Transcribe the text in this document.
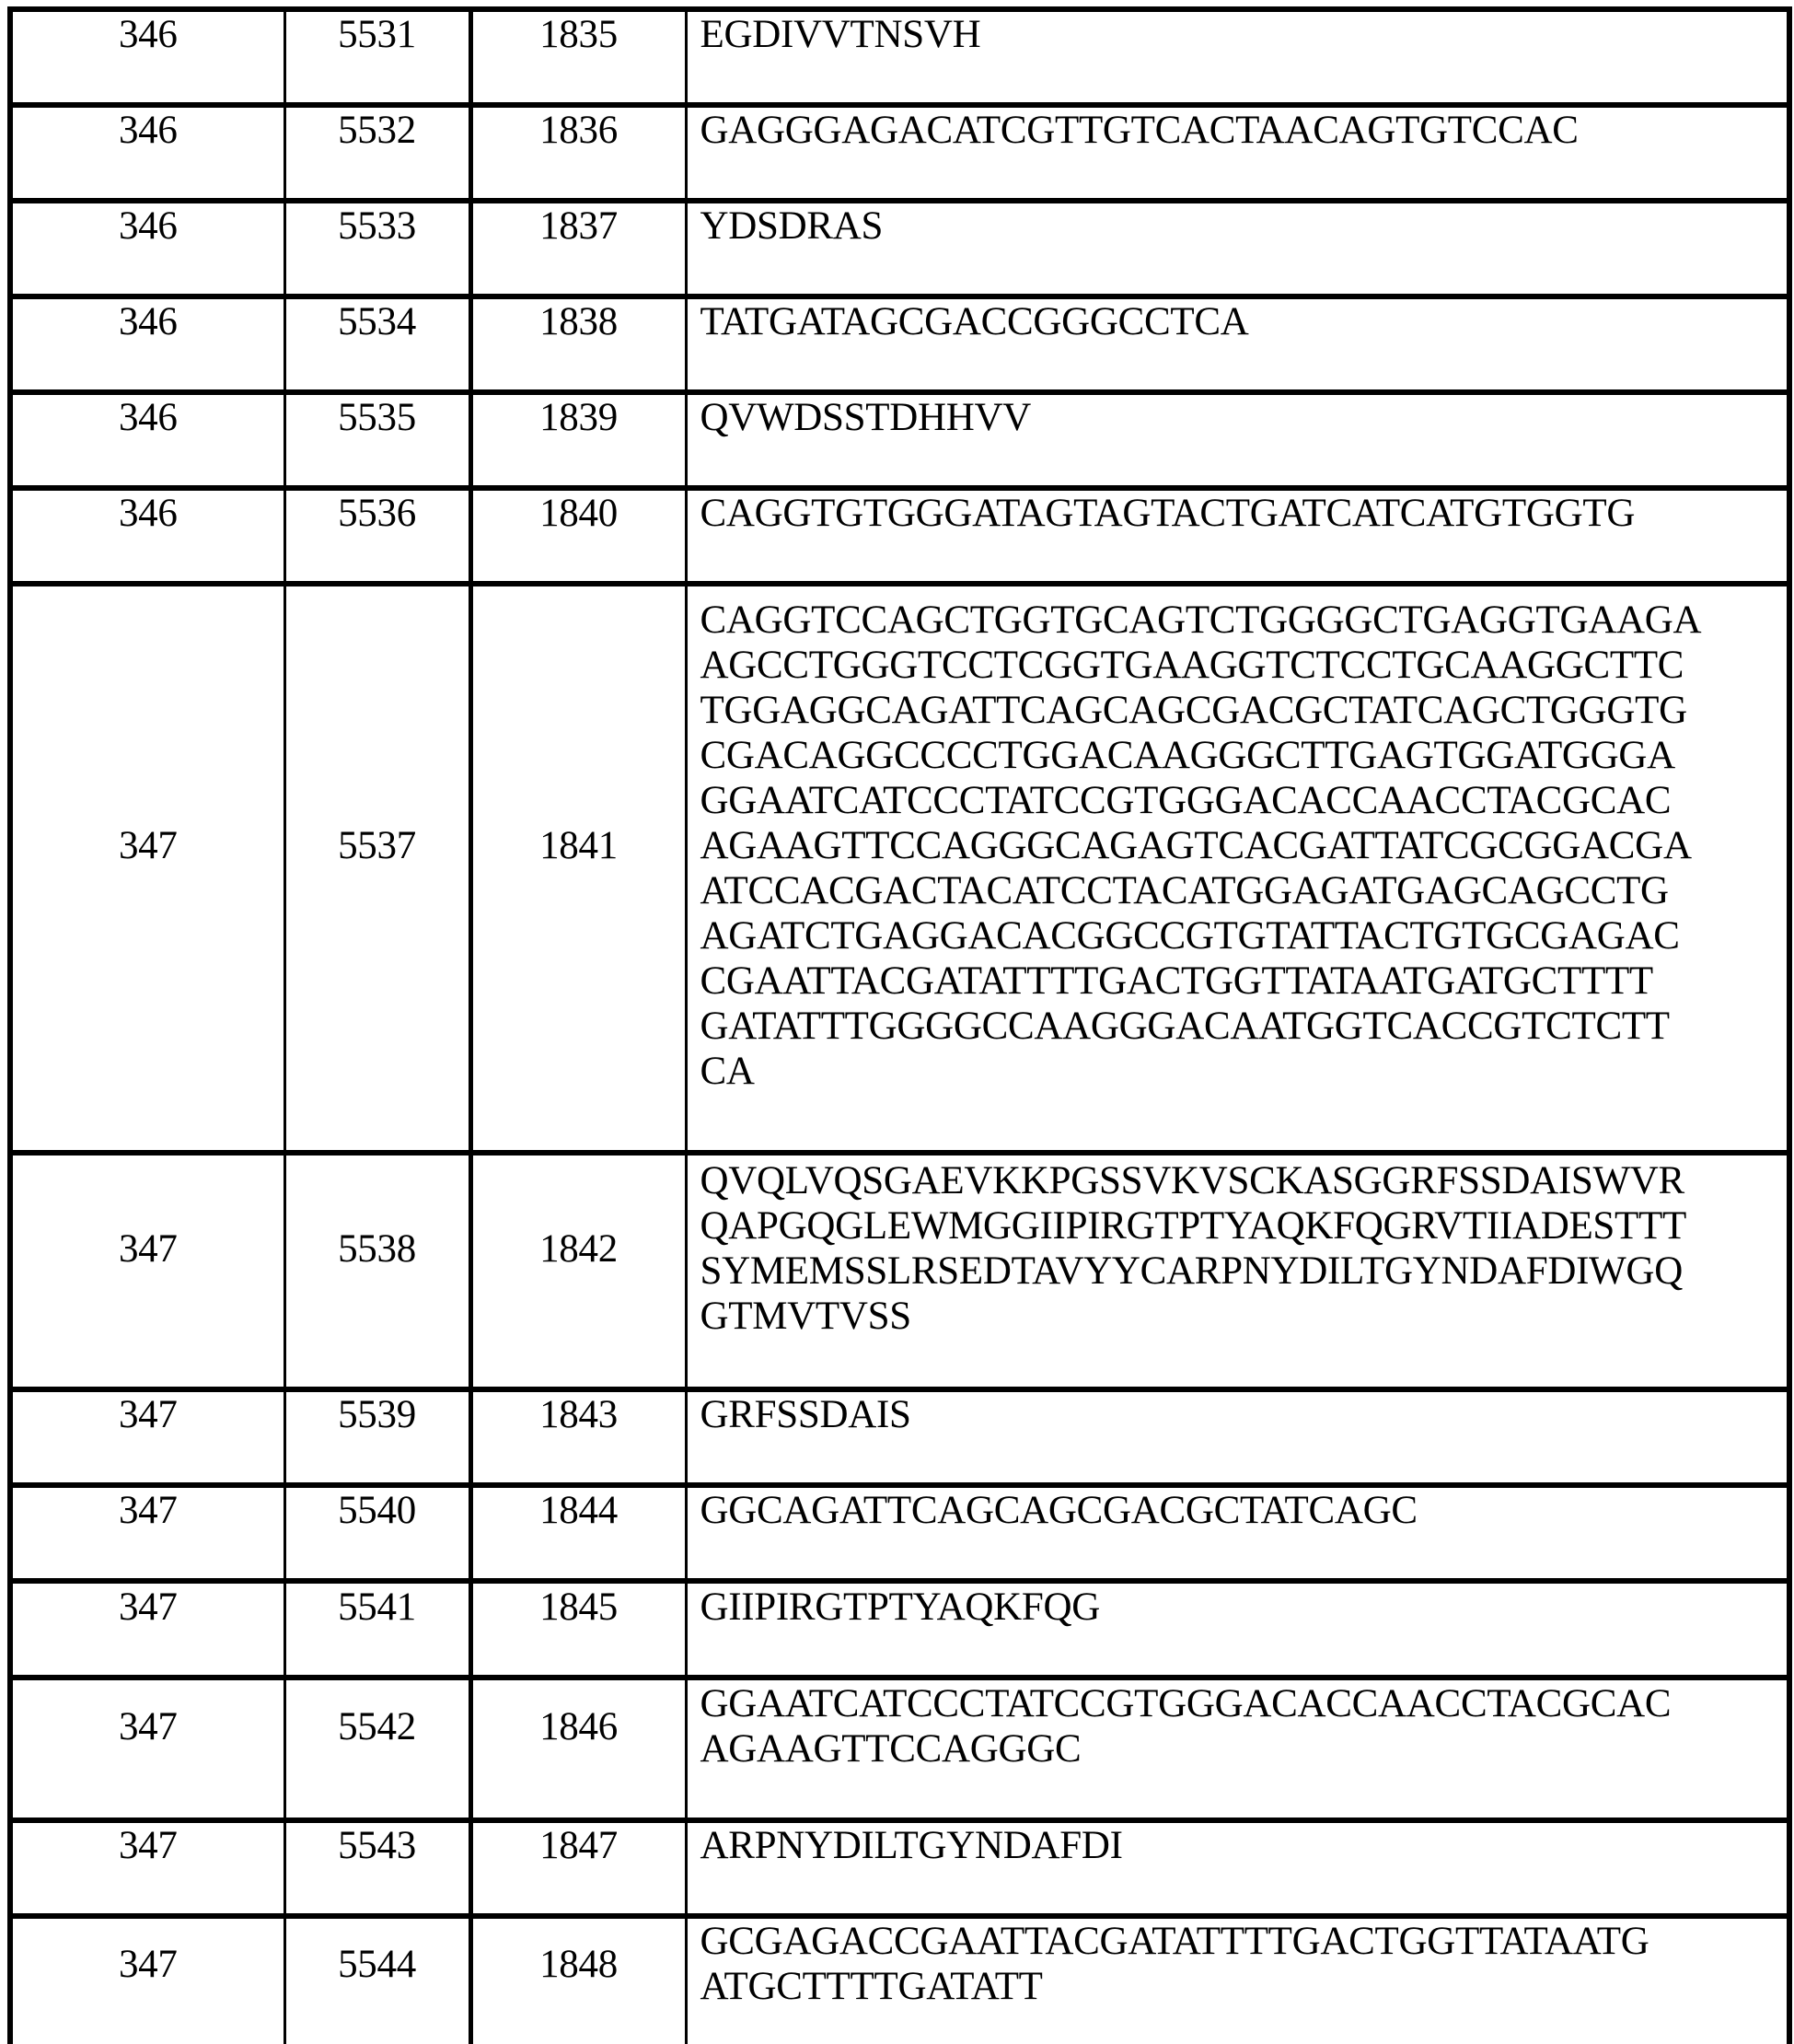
346	5531	1835	EGDIVVTNSVH
346	5532	1836	GAGGGAGACATCGTTGTCACTAACAGTGTCCAC
346	5533	1837	YDSDRAS
346	5534	1838	TATGATAGCGACCGGGCCTCA
346	5535	1839	QVWDSSTDHHVV
346	5536	1840	CAGGTGTGGGATAGTAGTACTGATCATCATGTGGTG
347	5537	1841	CAGGTCCAGCTGGTGCAGTCTGGGGCTGAGGTGAAGA
AGCCTGGGTCCTCGGTGAAGGTCTCCTGCAAGGCTTC
TGGAGGCAGATTCAGCAGCGACGCTATCAGCTGGGTG
CGACAGGCCCCTGGACAAGGGCTTGAGTGGATGGGA
GGAATCATCCCTATCCGTGGGACACCAACCTACGCAC
AGAAGTTCCAGGGCAGAGTCACGATTATCGCGGACGA
ATCCACGACTACATCCTACATGGAGATGAGCAGCCTG
AGATCTGAGGACACGGCCGTGTATTACTGTGCGAGAC
CGAATTACGATATTTTGACTGGTTATAATGATGCTTTT
GATATTTGGGGCCAAGGGACAATGGTCACCGTCTCTT
CA
347	5538	1842	QVQLVQSGAEVKKPGSSVKVSCKASGGRFSSDAISWVR
QAPGQGLEWMGGIIPIRGTPTYAQKFQGRVTIIADESTTT
SYMEMSSLRSEDTAVYYCARPNYDILTGYNDAFDIWGQ
GTMVTVSS
347	5539	1843	GRFSSDAIS
347	5540	1844	GGCAGATTCAGCAGCGACGCTATCAGC
347	5541	1845	GIIPIRGTPTYAQKFQG
347	5542	1846	GGAATCATCCCTATCCGTGGGACACCAACCTACGCAC
AGAAGTTCCAGGGC
347	5543	1847	ARPNYDILTGYNDAFDI
347	5544	1848	GCGAGACCGAATTACGATATTTTGACTGGTTATAATG
ATGCTTTTGATATT
